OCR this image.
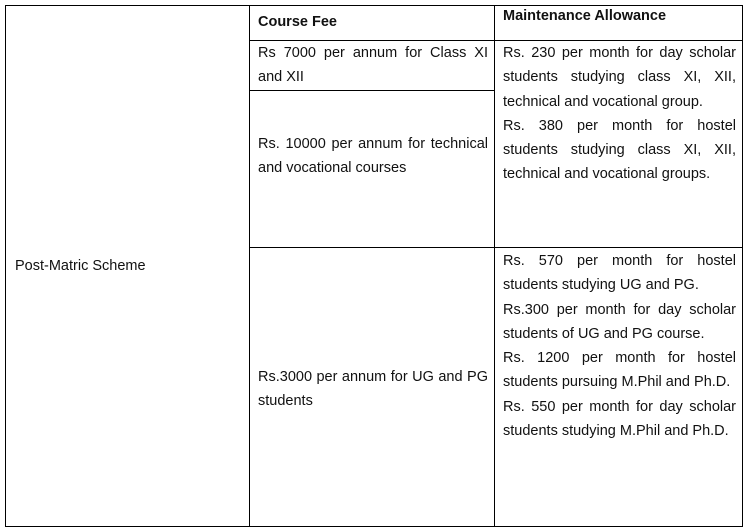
Course Fee	Maintenance Allowance
Post-Matric Scheme
Rs 7000 per annum for Class XI and XII
Rs. 10000 per annum for technical and vocational courses
Rs.3000 per annum for UG and PG students

Rs. 230 per month for day scholar students studying class XI, XII, technical and vocational group.

Rs. 380 per month for hostel students studying class XI, XII, technical and vocational groups.

Rs. 570 per month for hostel students studying UG and PG.

Rs.300 per month for day scholar students of UG and PG course.

Rs. 1200 per month for hostel students pursuing M.Phil and Ph.D.

Rs. 550 per month for day scholar students studying M.Phil and Ph.D.
